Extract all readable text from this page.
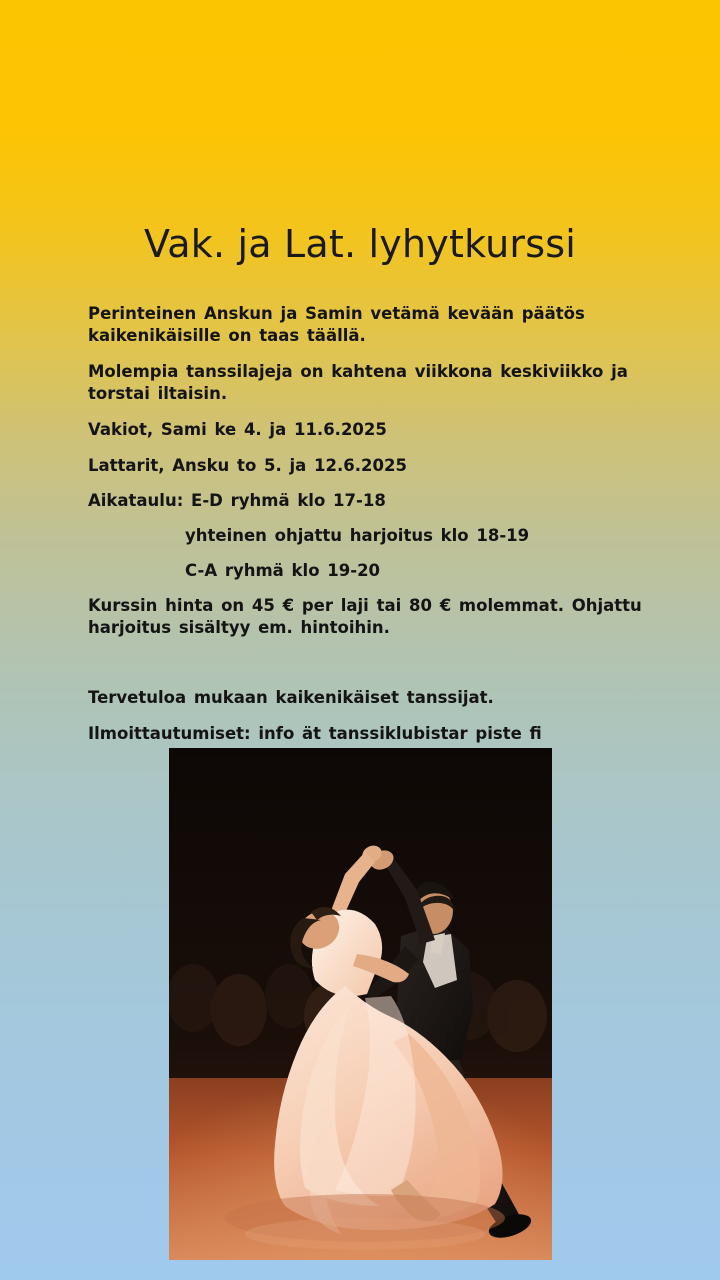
Vak. ja Lat. lyhytkurssi

Perinteinen Anskun ja Samin vetämä kevään päätös kaikenikäisille on taas täällä.

Molempia tanssilajeja on kahtena viikkona keskiviikko ja torstai iltaisin.

Vakiot, Sami ke 4. ja 11.6.2025

Lattarit, Ansku to 5. ja 12.6.2025

Aikataulu: E-D ryhmä klo 17-18

yhteinen ohjattu harjoitus klo 18-19

C-A ryhmä klo 19-20

Kurssin hinta on 45 € per laji tai 80 € molemmat. Ohjattu harjoitus sisältyy em. hintoihin.

Tervetuloa mukaan kaikenikäiset tanssijat.

Ilmoittautumiset: info ät tanssiklubistar piste fi
